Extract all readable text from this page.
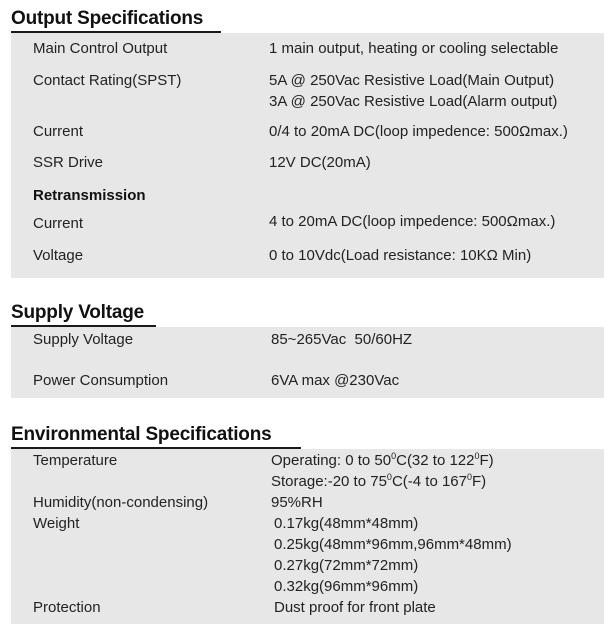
Output Specifications
Main Control Output	1 main output, heating or cooling selectable
Contact Rating(SPST)	5A @ 250Vac Resistive Load(Main Output)
3A @ 250Vac Resistive Load(Alarm output)
Current	0/4 to 20mA DC(loop impedence: 500Ωmax.)
SSR Drive	12V DC(20mA)
Retransmission
Current	4 to 20mA DC(loop impedence: 500Ωmax.)
Voltage	0 to 10Vdc(Load resistance: 10KΩ Min)
Supply Voltage
Supply Voltage	85~265Vac  50/60HZ
Power Consumption	6VA max @230Vac
Environmental Specifications
Temperature	Operating: 0 to $50^0C(32$ to $122^0F$)
Storage:-20 to $75^0C(-4$ to $167^0F$)
Humidity(non-condensing)	95%RH
Weight	0.17kg(48mm*48mm)
0.25kg(48mm*96mm,96mm*48mm)
0.27kg(72mm*72mm)
0.32kg(96mm*96mm)
Protection	Dust proof for front plate
